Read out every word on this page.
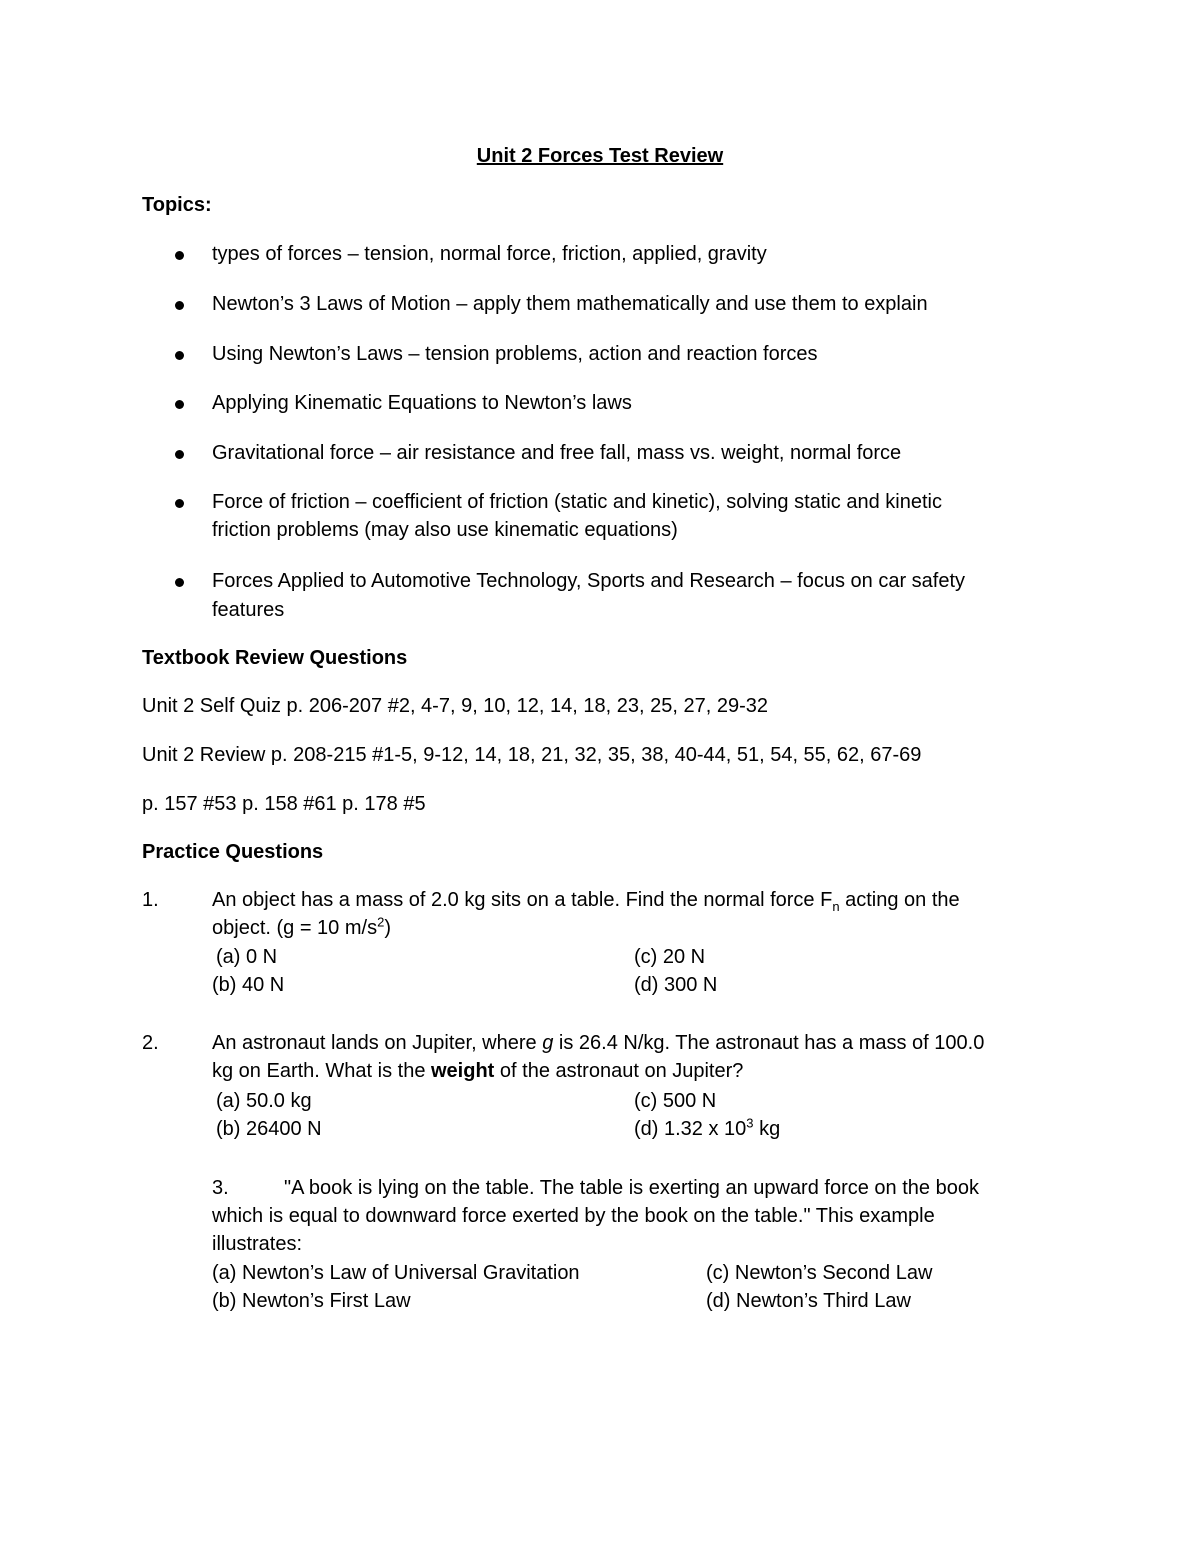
Unit 2 Forces Test Review
Topics:
types of forces – tension, normal force, friction, applied, gravity
Newton’s 3 Laws of Motion – apply them mathematically and use them to explain
Using Newton’s Laws – tension problems, action and reaction forces
Applying Kinematic Equations to Newton’s laws
Gravitational force – air resistance and free fall, mass vs. weight, normal force
Force of friction – coefficient of friction (static and kinetic), solving static and kinetic
friction problems (may also use kinematic equations)
Forces Applied to Automotive Technology, Sports and Research – focus on car safety
features
Textbook Review Questions
Unit 2 Self Quiz p. 206-207 #2, 4-7, 9, 10, 12, 14, 18, 23, 25, 27, 29-32
Unit 2 Review p. 208-215 #1-5, 9-12, 14, 18, 21, 32, 35, 38, 40-44, 51, 54, 55, 62, 67-69
p. 157 #53 p. 158 #61 p. 178 #5
Practice Questions
1.	An object has a mass of 2.0 kg sits on a table. Find the normal force $F_n$ acting on the
object. (g = 10 $m/s^2$)
(a) 0 N	(c) 20 N
(b) 40 N	(d) 300 N
2.	An astronaut lands on Jupiter, where g is 26.4 N/kg. The astronaut has a mass of 100.0
kg on Earth. What is the weight of the astronaut on Jupiter?
(a) 50.0 kg	(c) 500 N
(b) 26400 N	(d) 1.32 x $10^3$ kg
3.	"A book is lying on the table. The table is exerting an upward force on the book
which is equal to downward force exerted by the book on the table." This example
illustrates:
(a) Newton’s Law of Universal Gravitation	(c) Newton’s Second Law
(b) Newton’s First Law	(d) Newton’s Third Law
